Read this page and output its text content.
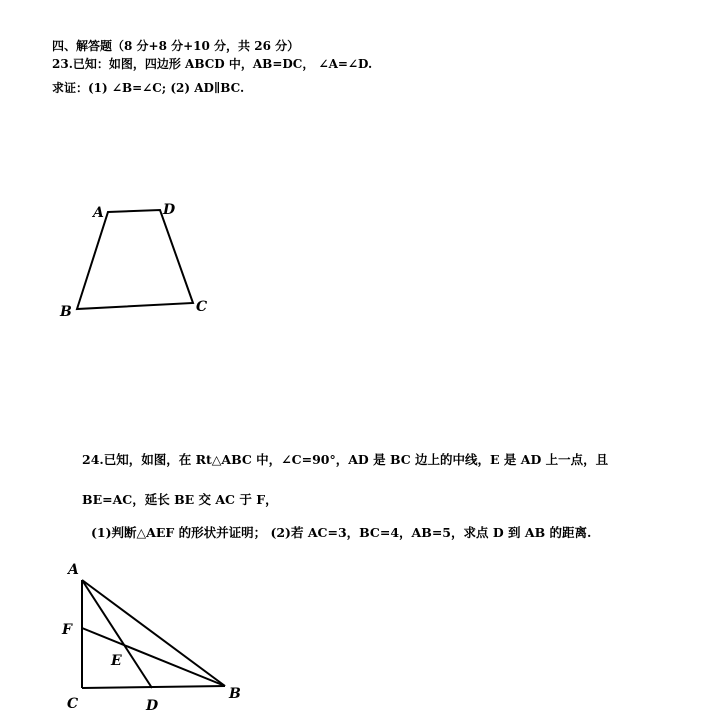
四、解答题（8 分+8 分+10 分，共 26 分）
23.已知：如图，四边形 ABCD 中，AB=DC， ∠A=∠D.
求证：(1) ∠B=∠C; (2) AD∥BC.
A	D
B	C
A
F
E
C	D
B
24.已知，如图，在 Rt△ABC 中，∠C=90°，AD 是 BC 边上的中线，E 是 AD 上一点，且
BE=AC，延长 BE 交 AC 于 F，
(1)判断△AEF 的形状并证明； (2)若 AC=3，BC=4，AB=5，求点 D 到 AB 的距离.
